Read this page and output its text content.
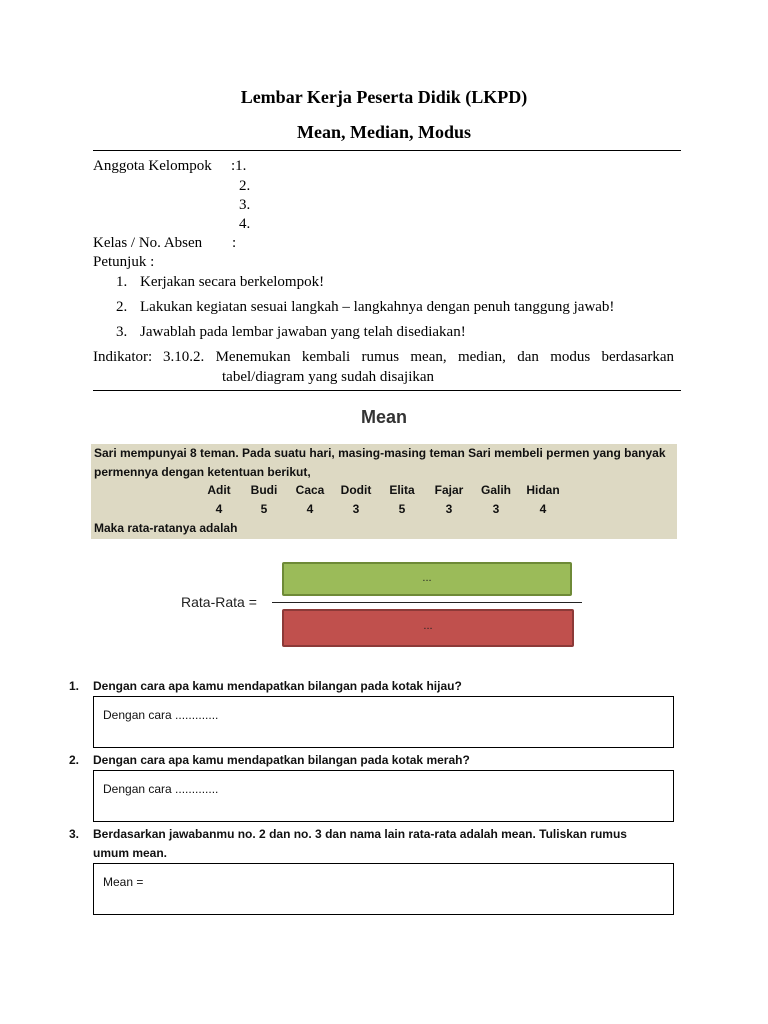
Lembar Kerja Peserta Didik (LKPD)
Mean, Median, Modus
Anggota Kelompok :1.
2.
3.
4.
Kelas / No. Absen :
Petunjuk :
1. Kerjakan secara berkelompok!
2. Lakukan kegiatan sesuai langkah – langkahnya dengan penuh tanggung jawab!
3. Jawablah pada lembar jawaban yang telah disediakan!
Indikator: 3.10.2. Menemukan kembali rumus mean, median, dan modus berdasarkan
tabel/diagram yang sudah disajikan
Mean
Sari mempunyai 8 teman. Pada suatu hari, masing-masing teman Sari membeli permen yang banyak
permennya dengan ketentuan berikut,
Adit	Budi	Caca	Dodit	Elita	Fajar	Galih	Hidan
4	5	4	3	5	3	3	4
Maka rata-ratanya adalah
Rata-Rata =
...
...
1. Dengan cara apa kamu mendapatkan bilangan pada kotak hijau?
Dengan cara .............
2. Dengan cara apa kamu mendapatkan bilangan pada kotak merah?
Dengan cara .............
3. Berdasarkan jawabanmu no. 2 dan no. 3 dan nama lain rata-rata adalah mean. Tuliskan rumus umum mean.
Mean =
